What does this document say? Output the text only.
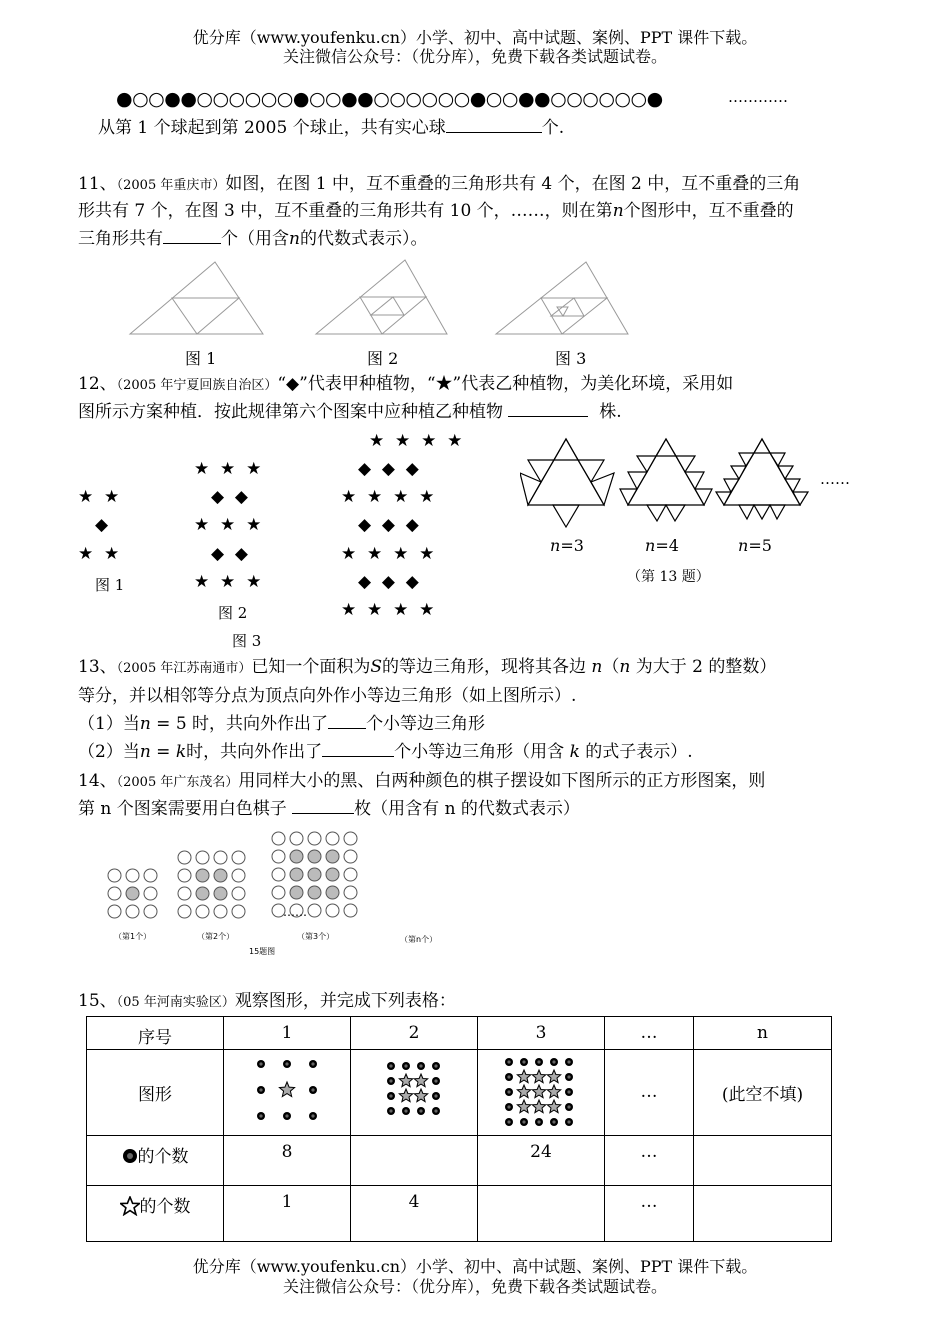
优分库（www.youfenku.cn）小学、初中、高中试题、案例、PPT 课件下载。
关注微信公众号：（优分库），免费下载各类试题试卷。
●○○●●○○○○○○●○○●●○○○○○○●○○●●○○○○○○●	…………
从第 1 个球起到第 2005 个球止，共有实心球	个.
11、（2005 年重庆市）如图，在图 1 中，互不重叠的三角形共有 4 个，在图 2 中，互不重叠的三角
形共有 7 个，在图 3 中，互不重叠的三角形共有 10 个，……，则在第n个图形中，互不重叠的
三角形共有	个（用含n的代数式表示）。
图 1	图 2	图 3
12、（2005 年宁夏回族自治区）“◆”代表甲种植物，“★”代表乙种植物，为美化环境，采用如
图所示方案种植．按此规律第六个图案中应种植乙种植物	株.
★  ★
◆
★  ★
图 1
★  ★  ★
◆  ◆
★  ★  ★
◆  ◆
★  ★  ★
图 2
★  ★  ★  ★
◆  ◆  ◆
★  ★  ★  ★
◆  ◆  ◆
★  ★  ★  ★
◆  ◆  ◆
★  ★  ★  ★
图 3
……
n=3	n=4	n=5
（第 13 题）
13、（2005 年江苏南通市）已知一个面积为S的等边三角形，现将其各边 n（n 为大于 2 的整数）
等分，并以相邻等分点为顶点向外作小等边三角形（如上图所示）.
（1）当n = 5 时，共向外作出了 个小等边三角形
（2）当n = k时，共向外作出了	个小等边三角形（用含 k 的式子表示）.
14、（2005 年广东茂名）用同样大小的黑、白两种颜色的棋子摆设如下图所示的正方形图案，则
第 n 个图案需要用白色棋子	枚（用含有 n 的代数式表示）
（第1个）	（第2个）	（第3个）	（第n个）
15题图
……
15、（05 年河南实验区）观察图形，并完成下列表格：
序号	1	2	3	…	n
图形				…	(此空不填)
的个数	8		24	…	
的个数	1	4		…	
优分库（www.youfenku.cn）小学、初中、高中试题、案例、PPT 课件下载。
关注微信公众号：（优分库），免费下载各类试题试卷。
